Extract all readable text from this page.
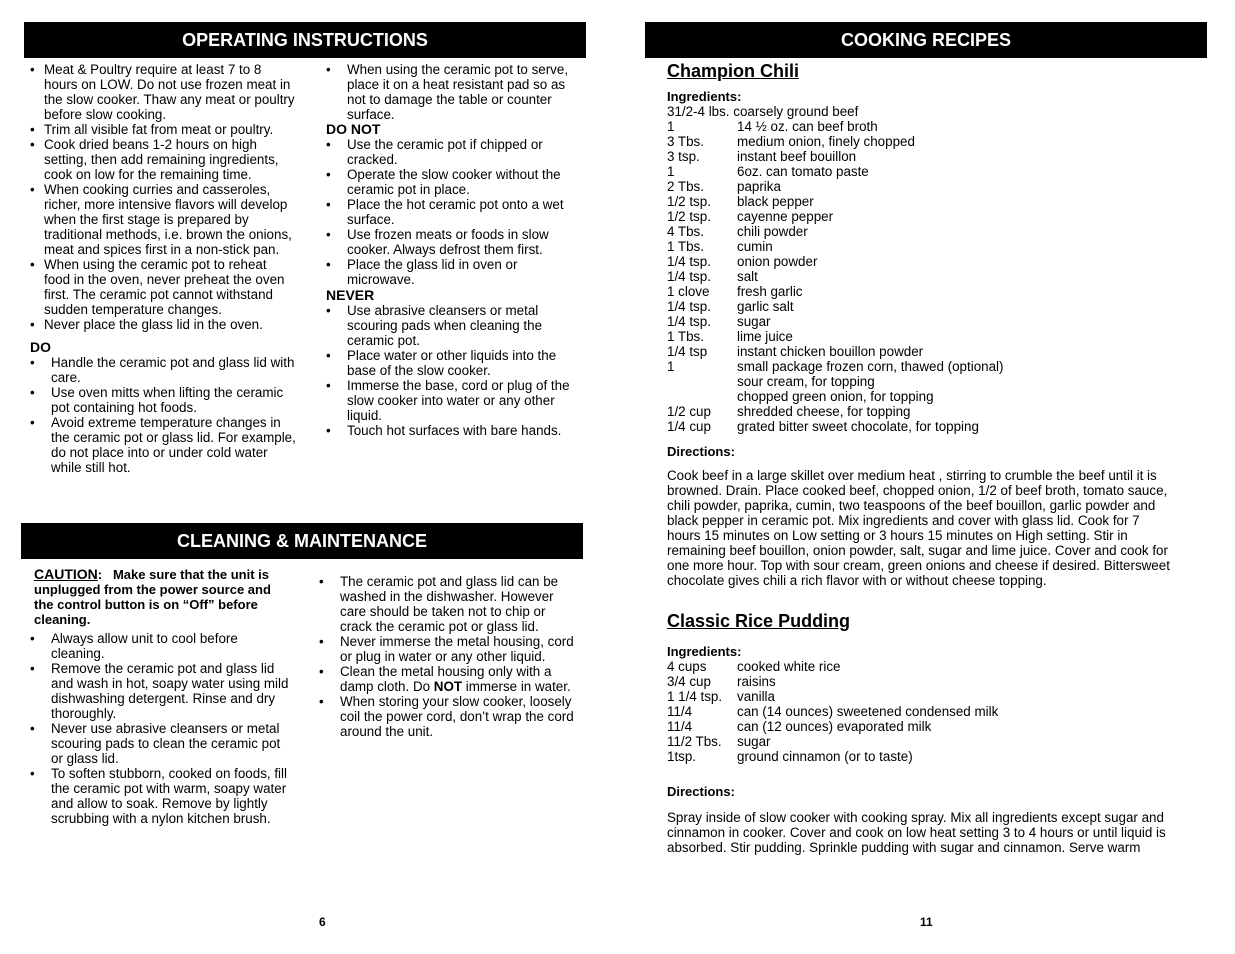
OPERATING INSTRUCTIONS
• Meat & Poultry require at least 7 to 8 hours on LOW. Do not use frozen meat in the slow cooker. Thaw any meat or poultry before slow cooking.
• Trim all visible fat from meat or poultry.
• Cook dried beans 1-2 hours on high setting, then add remaining ingredients, cook on low for the remaining time.
• When cooking curries and casseroles, richer, more intensive flavors will develop when the first stage is prepared by traditional methods, i.e. brown the onions, meat and spices first in a non-stick pan.
• When using the ceramic pot to reheat food in the oven, never preheat the oven first. The ceramic pot cannot withstand sudden temperature changes.
• Never place the glass lid in the oven.
DO
• Handle the ceramic pot and glass lid with care.
• Use oven mitts when lifting the ceramic pot containing hot foods.
• Avoid extreme temperature changes in the ceramic pot or glass lid. For example, do not place into or under cold water while still hot.
• When using the ceramic pot to serve, place it on a heat resistant pad so as not to damage the table or counter surface.
DO NOT
• Use the ceramic pot if chipped or cracked.
• Operate the slow cooker without the ceramic pot in place.
• Place the hot ceramic pot onto a wet surface.
• Use frozen meats or foods in slow cooker. Always defrost them first.
• Place the glass lid in oven or microwave.
NEVER
• Use abrasive cleansers or metal scouring pads when cleaning the ceramic pot.
• Place water or other liquids into the base of the slow cooker.
• Immerse the base, cord or plug of the slow cooker into water or any other liquid.
• Touch hot surfaces with bare hands.
CLEANING & MAINTENANCE
CAUTION: Make sure that the unit is unplugged from the power source and the control button is on “Off” before cleaning.
• Always allow unit to cool before cleaning.
• Remove the ceramic pot and glass lid and wash in hot, soapy water using mild dishwashing detergent. Rinse and dry thoroughly.
• Never use abrasive cleansers or metal scouring pads to clean the ceramic pot or glass lid.
• To soften stubborn, cooked on foods, fill the ceramic pot with warm, soapy water and allow to soak. Remove by lightly scrubbing with a nylon kitchen brush.
• The ceramic pot and glass lid can be washed in the dishwasher. However care should be taken not to chip or crack the ceramic pot or glass lid.
• Never immerse the metal housing, cord or plug in water or any other liquid.
• Clean the metal housing only with a damp cloth. Do NOT immerse in water.
• When storing your slow cooker, loosely coil the power cord, don’t wrap the cord around the unit.
6
COOKING RECIPES
Champion Chili
Ingredients:
31/2-4 lbs. coarsely ground beef
1	14 ½ oz. can beef broth
3 Tbs.	medium onion, finely chopped
3 tsp.	instant beef bouillon
1	6oz. can tomato paste
2 Tbs.	paprika
1/2 tsp.	black pepper
1/2 tsp.	cayenne pepper
4 Tbs.	chili powder
1 Tbs.	cumin
1/4 tsp.	onion powder
1/4 tsp.	salt
1 clove	fresh garlic
1/4 tsp.	garlic salt
1/4 tsp.	sugar
1 Tbs.	lime juice
1/4 tsp	instant chicken bouillon powder
1	small package frozen corn, thawed (optional)
	sour cream, for topping
	chopped green onion, for topping
1/2 cup	shredded cheese, for topping
1/4 cup	grated bitter sweet chocolate, for topping
Directions:
Cook beef in a large skillet over medium heat , stirring to crumble the beef until it is browned. Drain. Place cooked beef, chopped onion, 1/2 of beef broth, tomato sauce, chili powder, paprika, cumin, two teaspoons of the beef bouillon, garlic powder and black pepper in ceramic pot. Mix ingredients and cover with glass lid. Cook for 7 hours 15 minutes on Low setting or 3 hours 15 minutes on High setting. Stir in remaining beef bouillon, onion powder, salt, sugar and lime juice. Cover and cook for one more hour. Top with sour cream, green onions and cheese if desired. Bittersweet chocolate gives chili a rich flavor with or without cheese topping.
Classic Rice Pudding
Ingredients:
4 cups	cooked white rice
3/4 cup	raisins
1 1/4 tsp.	vanilla
11/4	can (14 ounces) sweetened condensed milk
11/4	can (12 ounces) evaporated milk
11/2 Tbs.	sugar
1tsp.	ground cinnamon (or to taste)
Directions:
Spray inside of slow cooker with cooking spray. Mix all ingredients except sugar and cinnamon in cooker. Cover and cook on low heat setting 3 to 4 hours or until liquid is absorbed. Stir pudding. Sprinkle pudding with sugar and cinnamon. Serve warm
11
